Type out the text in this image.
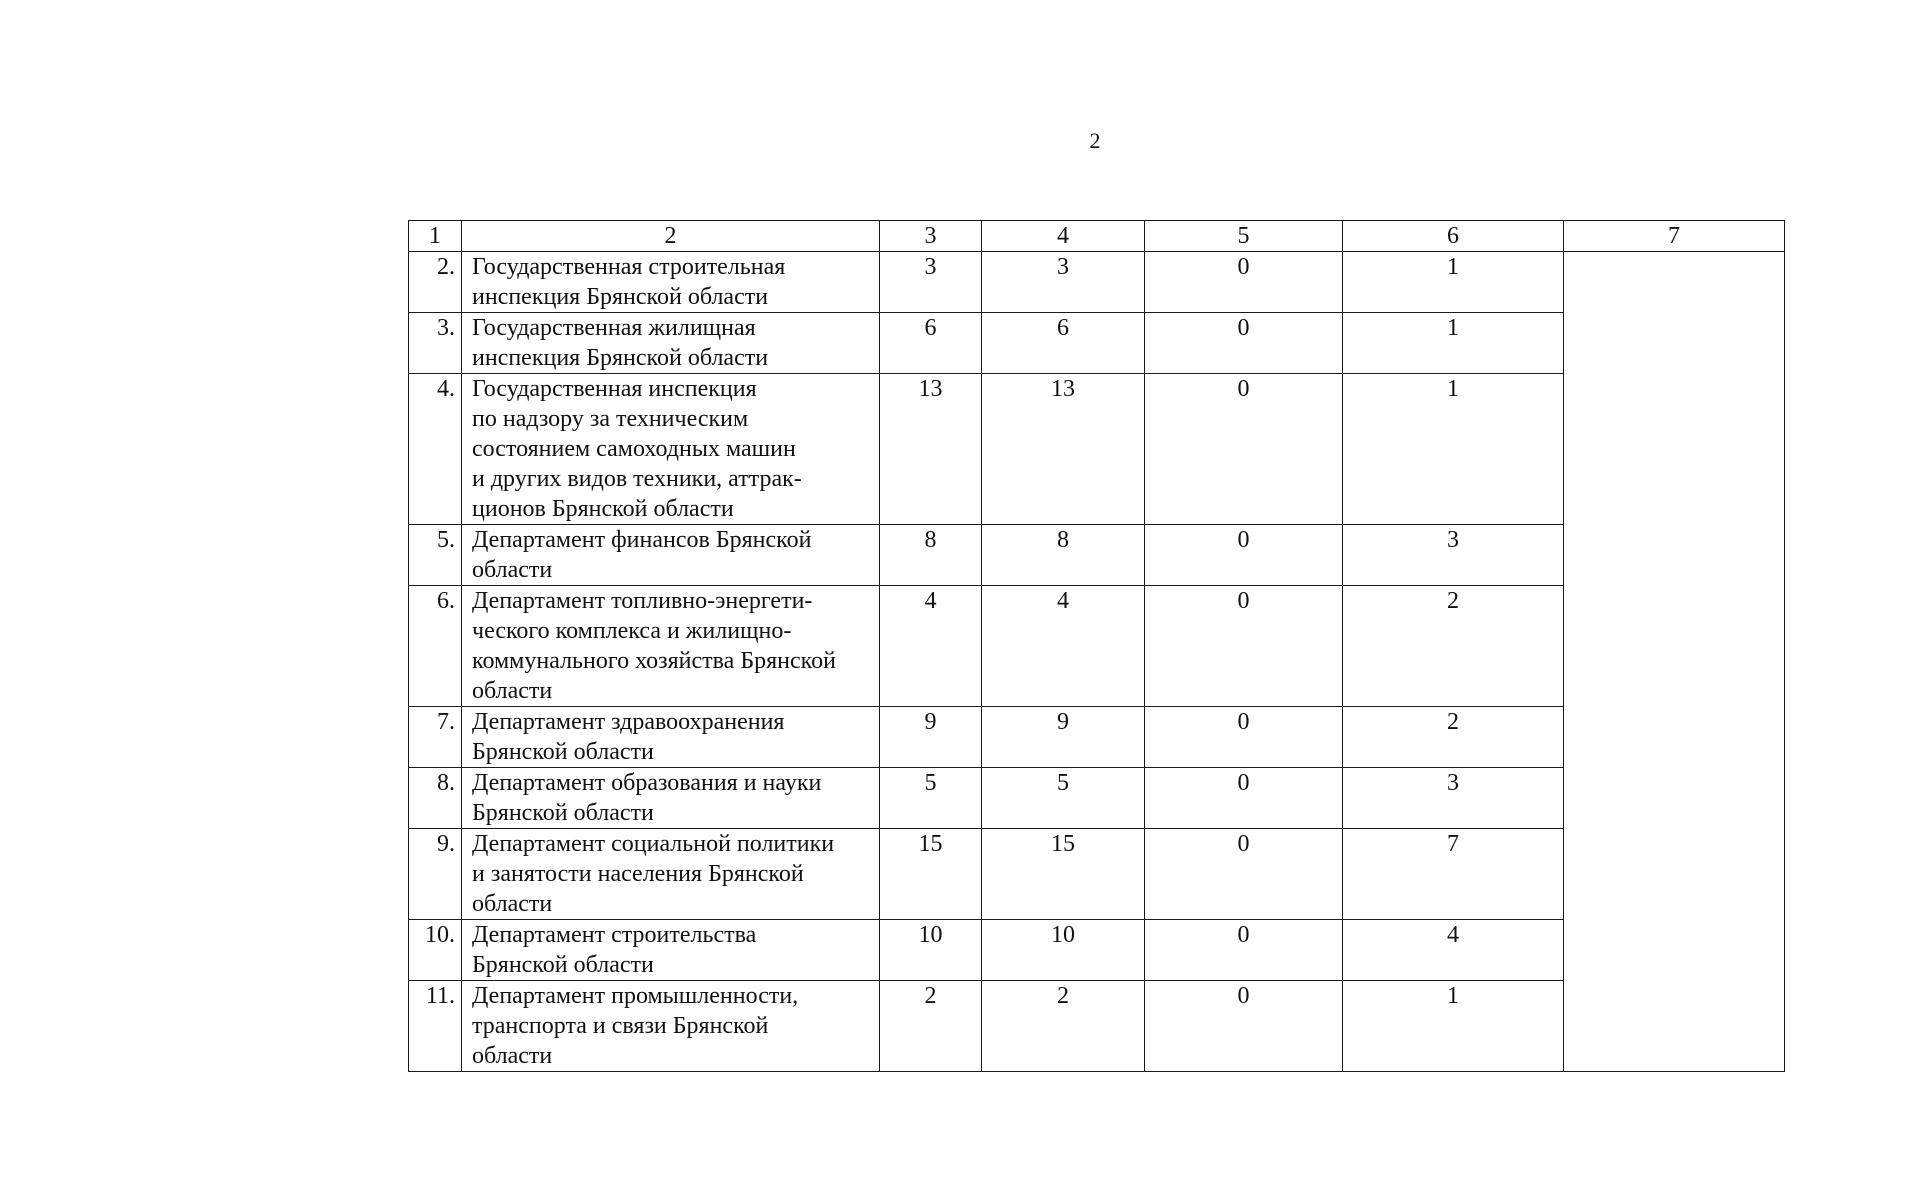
2
1	2	3	4	5	6	7
2.	Государственная строительная
инспекция Брянской области	3	3	0	1	
3.	Государственная жилищная
инспекция Брянской области	6	6	0	1	
4.	Государственная инспекция
по надзору за техническим
состоянием самоходных машин
и других видов техники, аттрак-
ционов Брянской области	13	13	0	1	
5.	Департамент финансов Брянской
области	8	8	0	3	
6.	Департамент топливно-энергети-
ческого комплекса и жилищно-
коммунального хозяйства Брянской
области	4	4	0	2	
7.	Департамент здравоохранения
Брянской области	9	9	0	2	
8.	Департамент образования и науки
Брянской области	5	5	0	3	
9.	Департамент социальной политики
и занятости населения Брянской
области	15	15	0	7	
10.	Департамент строительства
Брянской области	10	10	0	4	
11.	Департамент промышленности,
транспорта и связи Брянской
области	2	2	0	1	
